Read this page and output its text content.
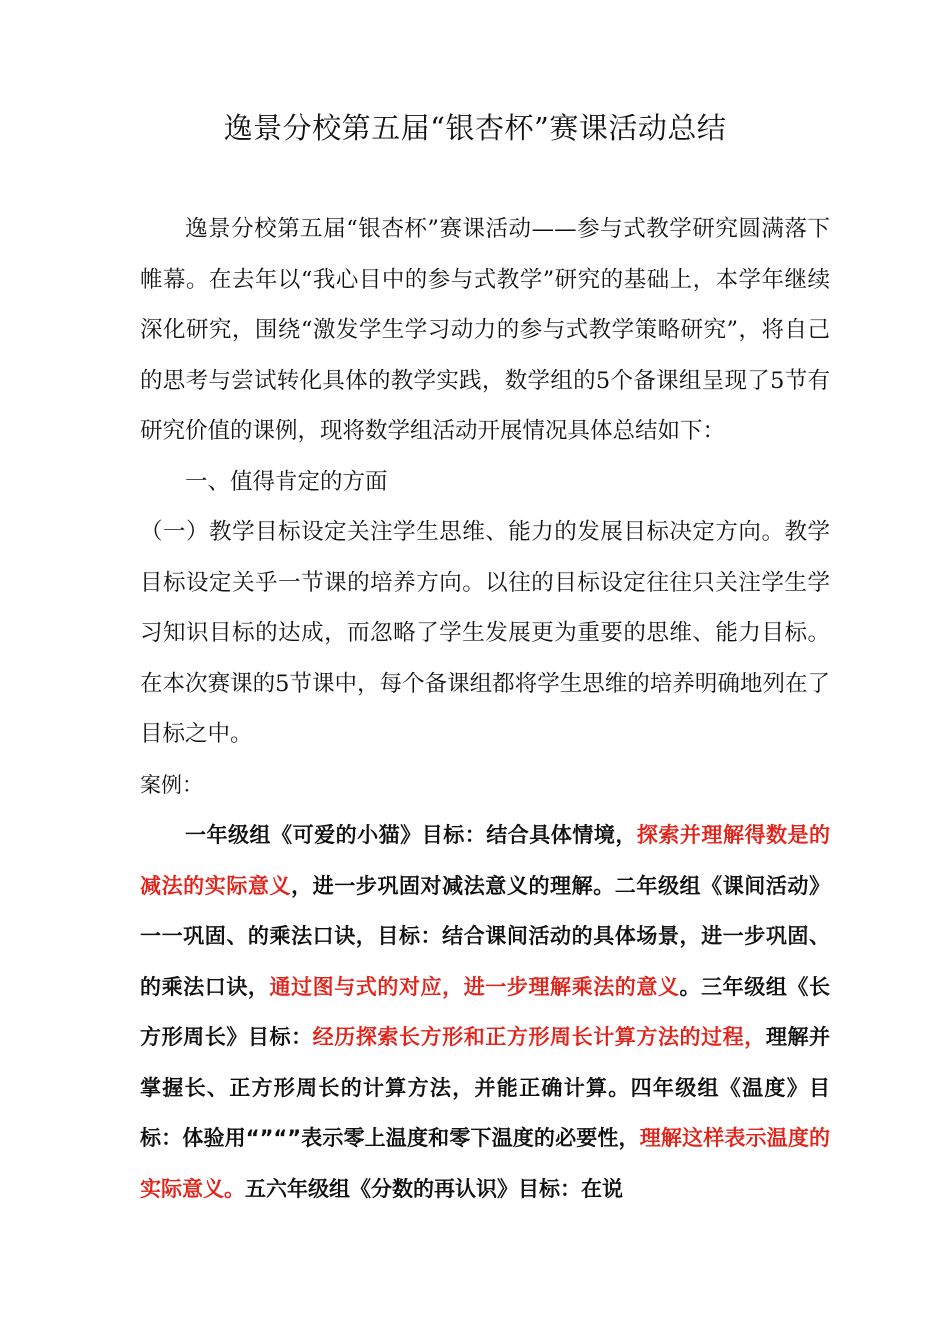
逸景分校第五届“银杏杯”赛课活动总结

逸景分校第五届“银杏杯”赛课活动——参与式教学研究圆满落下帷幕。在去年以“我心目中的参与式教学”研究的基础上，本学年继续深化研究，围绕“激发学生学习动力的参与式教学策略研究”，将自己的思考与尝试转化具体的教学实践，数学组的5个备课组呈现了5节有研究价值的课例，现将数学组活动开展情况具体总结如下：

一、值得肯定的方面

（一）教学目标设定关注学生思维、能力的发展目标决定方向。教学目标设定关乎一节课的培养方向。以往的目标设定往往只关注学生学习知识目标的达成，而忽略了学生发展更为重要的思维、能力目标。在本次赛课的5节课中，每个备课组都将学生思维的培养明确地列在了目标之中。

案例：

一年级组《可爱的小猫》目标：结合具体情境，探索并理解得数是的减法的实际意义，进一步巩固对减法意义的理解。二年级组《课间活动》一一巩固、的乘法口诀，目标：结合课间活动的具体场景，进一步巩固、的乘法口诀，通过图与式的对应，进一步理解乘法的意义。三年级组《长方形周长》目标：经历探索长方形和正方形周长计算方法的过程，理解并掌握长、正方形周长的计算方法，并能正确计算。四年级组《温度》目标：体验用“”“”表示零上温度和零下温度的必要性，理解这样表示温度的实际意义。五六年级组《分数的再认识》目标：在说
